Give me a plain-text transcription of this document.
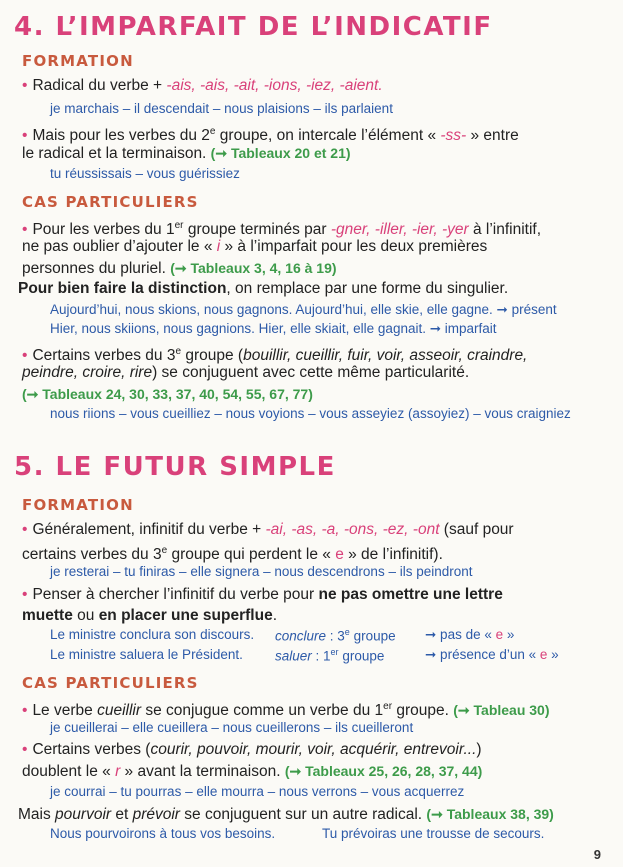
4. L’IMPARFAIT DE L’INDICATIF
FORMATION
• Radical du verbe + -ais, -ais, -ait, -ions, -iez, -aient.
je marchais – il descendait – nous plaisions – ils parlaient
• Mais pour les verbes du 2e groupe, on intercale l’élément « -ss- » entre
le radical et la terminaison. (➞ Tableaux 20 et 21)
tu réussissais – vous guérissiez
CAS PARTICULIERS
• Pour les verbes du 1er groupe terminés par -gner, -iller, -ier, -yer à l’infinitif,
ne pas oublier d’ajouter le « i » à l’imparfait pour les deux premières
personnes du pluriel. (➞ Tableaux 3, 4, 16 à 19)
Pour bien faire la distinction, on remplace par une forme du singulier.
Aujourd’hui, nous skions, nous gagnons. Aujourd’hui, elle skie, elle gagne. ➞ présent
Hier, nous skiions, nous gagnions. Hier, elle skiait, elle gagnait. ➞ imparfait
• Certains verbes du 3e groupe (bouillir, cueillir, fuir, voir, asseoir, craindre,
peindre, croire, rire) se conjuguent avec cette même particularité.
(➞ Tableaux 24, 30, 33, 37, 40, 54, 55, 67, 77)
nous riions – vous cueilliez – nous voyions – vous asseyiez (assoyiez) – vous craigniez
5. LE FUTUR SIMPLE
FORMATION
• Généralement, infinitif du verbe + -ai, -as, -a, -ons, -ez, -ont (sauf pour
certains verbes du 3e groupe qui perdent le « e » de l’infinitif).
je resterai – tu finiras – elle signera – nous descendrons – ils peindront
• Penser à chercher l’infinitif du verbe pour ne pas omettre une lettre
muette ou en placer une superflue.
Le ministre conclura son discours. conclure : 3e groupe ➞ pas de « e »
Le ministre saluera le Président. saluer : 1er groupe	➞ présence d’un « e »
CAS PARTICULIERS
• Le verbe cueillir se conjugue comme un verbe du 1er groupe. (➞ Tableau 30)
je cueillerai – elle cueillera – nous cueillerons – ils cueilleront
• Certains verbes (courir, pouvoir, mourir, voir, acquérir, entrevoir...)
doublent le « r » avant la terminaison. (➞ Tableaux 25, 26, 28, 37, 44)
je courrai – tu pourras – elle mourra – nous verrons – vous acquerrez
Mais pourvoir et prévoir se conjuguent sur un autre radical. (➞ Tableaux 38, 39)
Nous pourvoirons à tous vos besoins.	Tu prévoiras une trousse de secours.
9
